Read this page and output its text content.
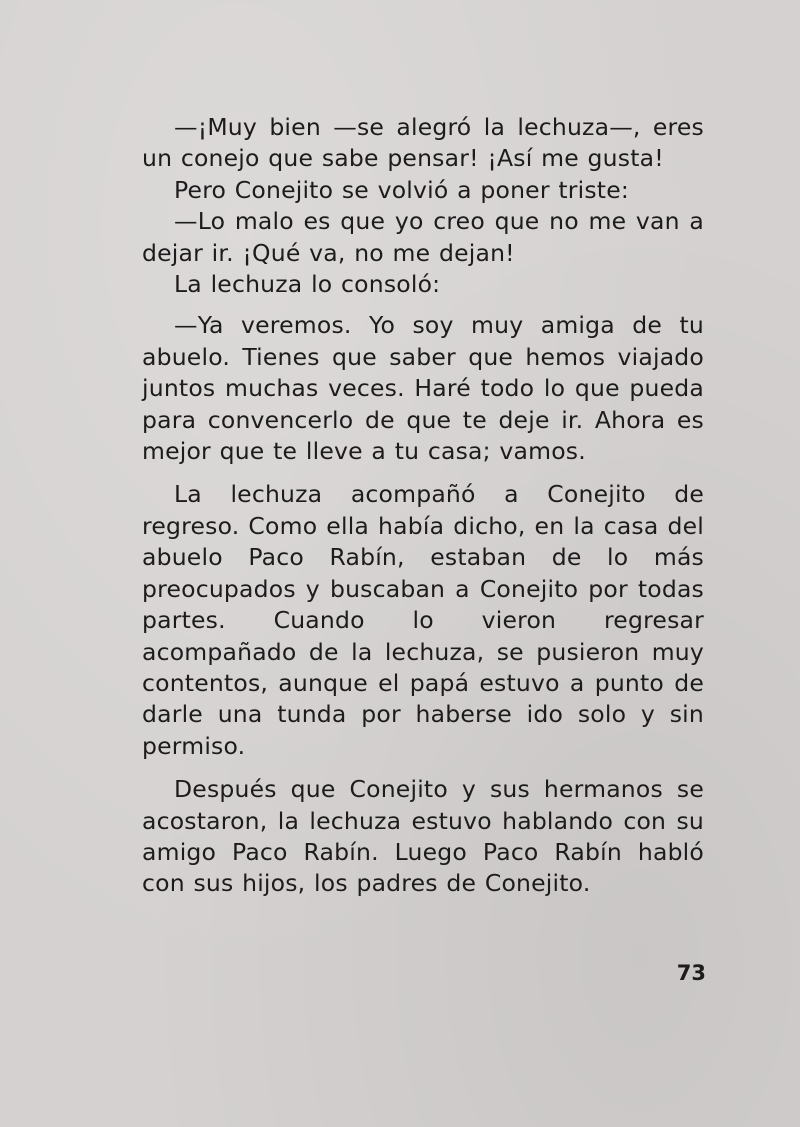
—¡Muy bien —se alegró la lechuza—, eres un conejo que sabe pensar! ¡Así me gusta!

Pero Conejito se volvió a poner triste:

—Lo malo es que yo creo que no me van a dejar ir. ¡Qué va, no me dejan!

La lechuza lo consoló:

—Ya veremos. Yo soy muy amiga de tu abuelo. Tienes que saber que hemos viajado juntos muchas veces. Haré todo lo que pueda para convencerlo de que te deje ir. Ahora es mejor que te lleve a tu casa; vamos.

La lechuza acompañó a Conejito de regreso. Como ella había dicho, en la casa del abuelo Paco Rabín, estaban de lo más preocupados y buscaban a Conejito por todas partes. Cuando lo vieron regresar acompañado de la lechuza, se pusieron muy contentos, aunque el papá estuvo a punto de darle una tunda por haberse ido solo y sin permiso.

Después que Conejito y sus hermanos se acostaron, la lechuza estuvo hablando con su amigo Paco Rabín. Luego Paco Rabín habló con sus hijos, los padres de Conejito.

73
